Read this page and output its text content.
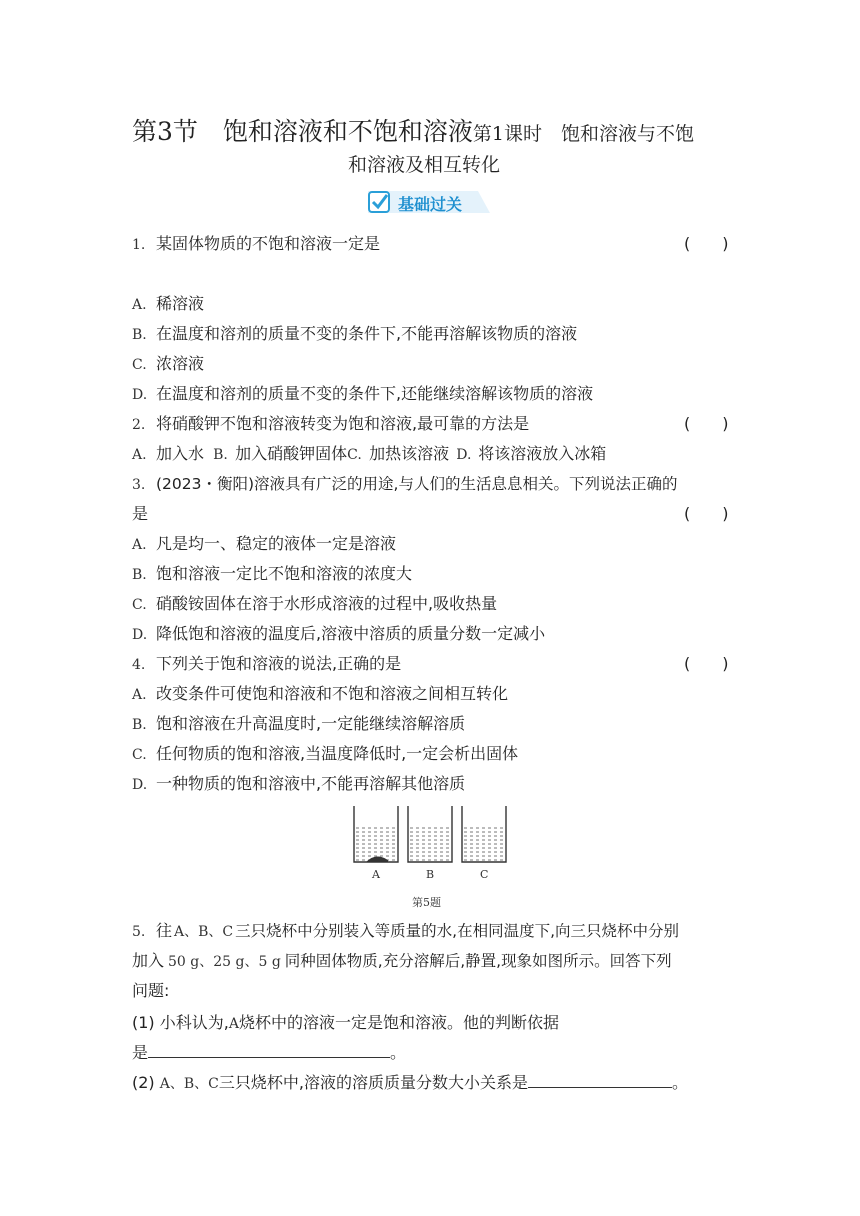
第3节　饱和溶液和不饱和溶液第1课时　饱和溶液与不饱
和溶液及相互转化
基础过关
1. 某固体物质的不饱和溶液一定是	(　　)
A. 稀溶液
B. 在温度和溶剂的质量不变的条件下,不能再溶解该物质的溶液
C. 浓溶液
D. 在温度和溶剂的质量不变的条件下,还能继续溶解该物质的溶液
2. 将硝酸钾不饱和溶液转变为饱和溶液,最可靠的方法是	(　　)
A. 加入水 B. 加入硝酸钾固体C. 加热该溶液 D. 将该溶液放入冰箱
3. (2023・衡阳)溶液具有广泛的用途,与人们的生活息息相关。下列说法正确的
是	(　　)
A. 凡是均一、稳定的液体一定是溶液
B. 饱和溶液一定比不饱和溶液的浓度大
C. 硝酸铵固体在溶于水形成溶液的过程中,吸收热量
D. 降低饱和溶液的温度后,溶液中溶质的质量分数一定减小
4. 下列关于饱和溶液的说法,正确的是	(　　)
A. 改变条件可使饱和溶液和不饱和溶液之间相互转化
B. 饱和溶液在升高温度时,一定能继续溶解溶质
C. 任何物质的饱和溶液,当温度降低时,一定会析出固体
D. 一种物质的饱和溶液中,不能再溶解其他溶质
A	B	C
第5题
5. 往 A、B、C 三只烧杯中分别装入等质量的水,在相同温度下,向三只烧杯中分别
加入 50 g、25 g、5 g 同种固体物质,充分溶解后,静置,现象如图所示。回答下列
问题:
(1) 小科认为,A烧杯中的溶液一定是饱和溶液。他的判断依据
是	。
(2) A、B、C三只烧杯中,溶液的溶质质量分数大小关系是	。
